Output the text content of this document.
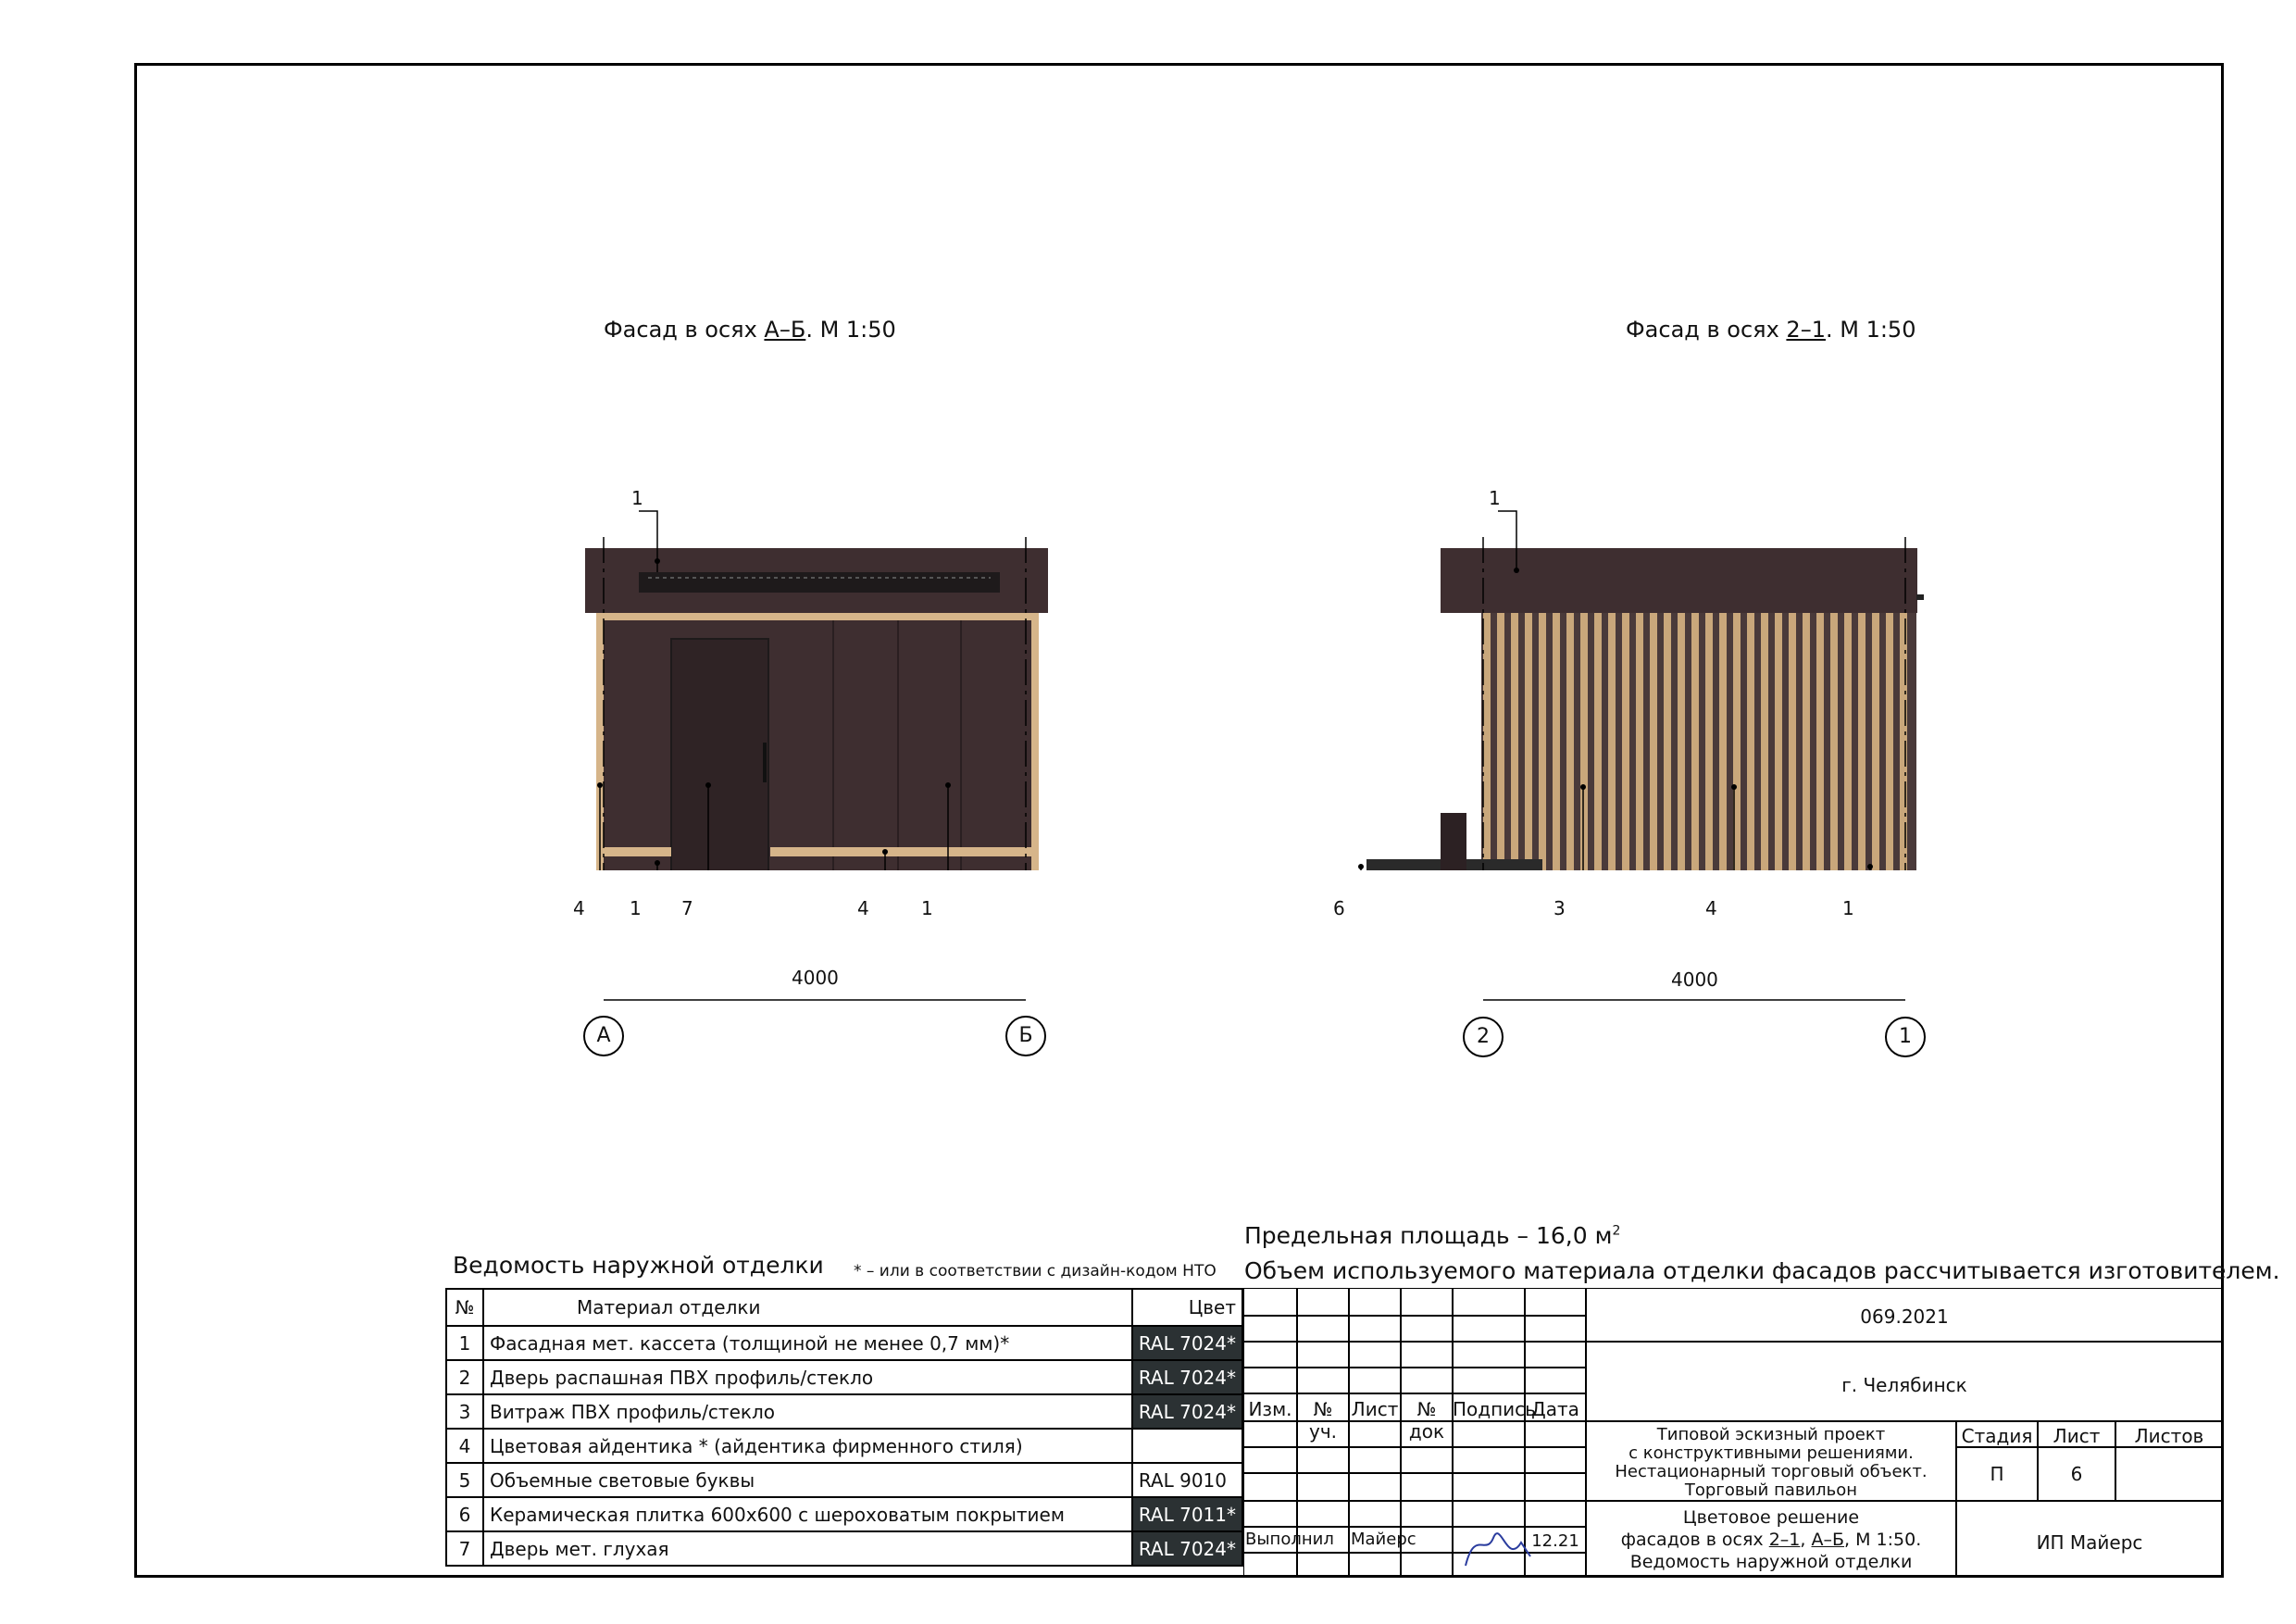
Фасад в осях А–Б. М 1:50
1
4 1 7	4	1
4000
А	Б
Фасад в осях 2–1. М 1:50
1
6	3	4	1
4000
2	1
Предельная площадь – 16,0 $м^2$
Объем используемого материала отделки фасадов рассчитывается изготовителем.
Ведомость наружной отделки * – или в соответствии с дизайн-кодом НТО
№	Материал отделки	Цвет
1	Фасадная мет. кассета (толщиной не менее 0,7 мм)*	RAL 7024*
2	Дверь распашная ПВХ профиль/стекло	RAL 7024*
3	Витраж ПВХ профиль/стекло	RAL 7024*
4	Цветовая айдентика * (айдентика фирменного стиля)	
5	Объемные световые буквы	RAL 9010
6	Керамическая плитка 600х600 с шероховатым покрытием	RAL 7011*
7	Дверь мет. глухая	RAL 7024*
Изм.	№ уч.
Лист	№ док
Подпись
Дата
Выполнил	Майерс	12.21
069.2021
г. Челябинск
Типовой эскизный проект
с конструктивными решениями.
Нестационарный торговый объект.
Торговый павильон
Стадия	Лист	Листов
П	6
Цветовое решение
фасадов в осях 2–1, А–Б, М 1:50.
Ведомость наружной отделки
ИП Майерс
